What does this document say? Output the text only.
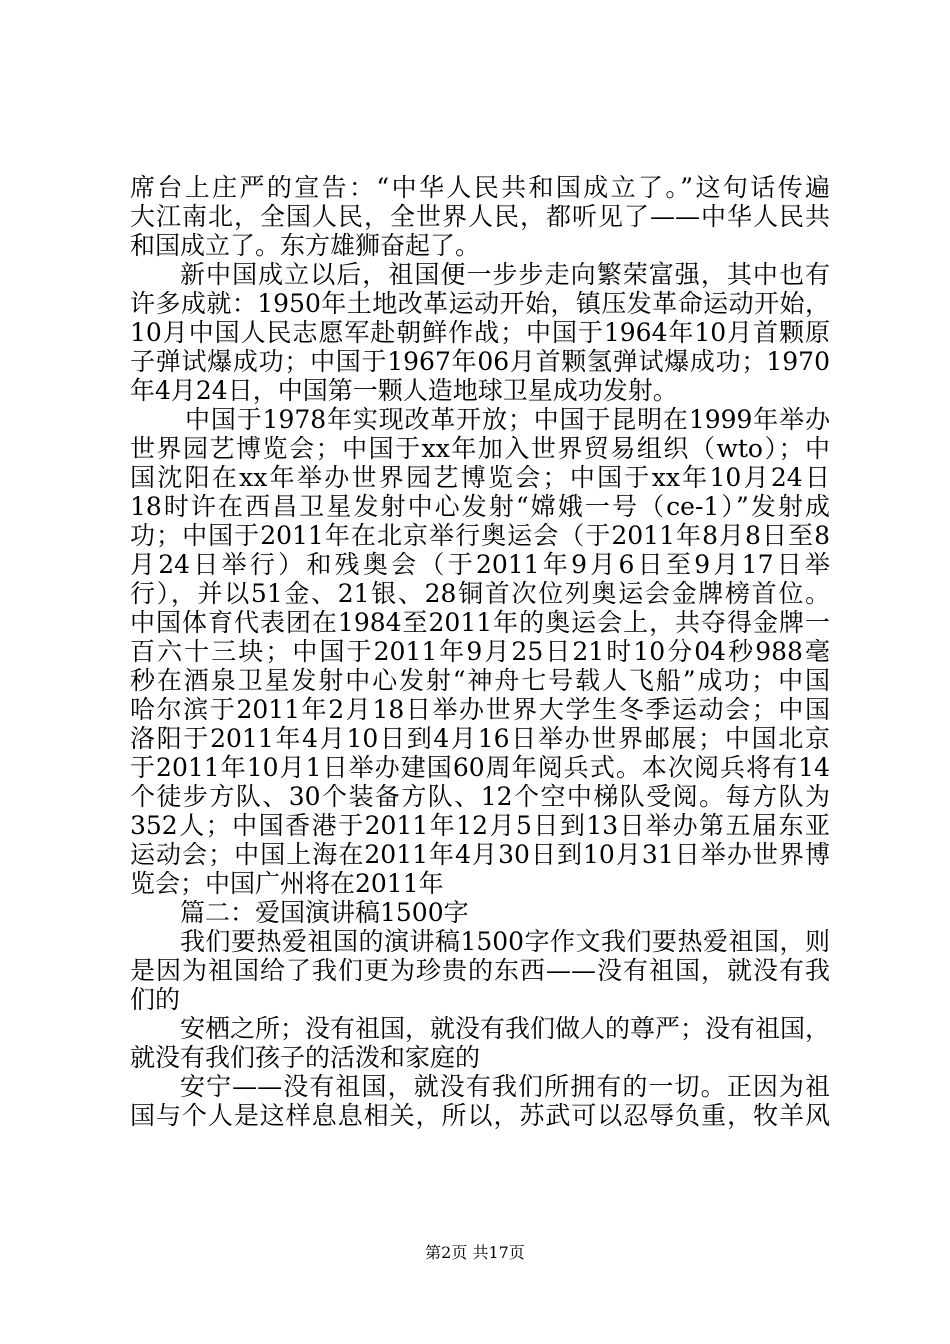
席台上庄严的宣告：“中华人民共和国成立了。”这句话传遍
大江南北，全国人民，全世界人民，都听见了——中华人民共
和国成立了。东方雄狮奋起了。
新中国成立以后，祖国便一步步走向繁荣富强，其中也有
许多成就：1950年土地改革运动开始，镇压发革命运动开始，
10月中国人民志愿军赴朝鲜作战；中国于1964年10月首颗原
子弹试爆成功；中国于1967年06月首颗氢弹试爆成功；1970
年4月24日，中国第一颗人造地球卫星成功发射。
中国于1978年实现改革开放；中国于昆明在1999年举办
世界园艺博览会；中国于xx年加入世界贸易组织（wto）；中
国沈阳在xx年举办世界园艺博览会；中国于xx年10月24日
18时许在西昌卫星发射中心发射“嫦娥一号（ce-1）”发射成
功；中国于2011年在北京举行奥运会（于2011年8月8日至8
月24日举行）和残奥会（于2011年9月6日至9月17日举
行），并以51金、21银、28铜首次位列奥运会金牌榜首位。
中国体育代表团在1984至2011年的奥运会上，共夺得金牌一
百六十三块；中国于2011年9月25日21时10分04秒988毫
秒在酒泉卫星发射中心发射“神舟七号载人飞船”成功；中国
哈尔滨于2011年2月18日举办世界大学生冬季运动会；中国
洛阳于2011年4月10日到4月16日举办世界邮展；中国北京
于2011年10月1日举办建国60周年阅兵式。本次阅兵将有14
个徒步方队、30个装备方队、12个空中梯队受阅。每方队为
352人；中国香港于2011年12月5日到13日举办第五届东亚
运动会；中国上海在2011年4月30日到10月31日举办世界博
览会；中国广州将在2011年
篇二：爱国演讲稿1500字
我们要热爱祖国的演讲稿1500字作文我们要热爱祖国，则
是因为祖国给了我们更为珍贵的东西——没有祖国，就没有我
们的
安栖之所；没有祖国，就没有我们做人的尊严；没有祖国，
就没有我们孩子的活泼和家庭的
安宁——没有祖国，就没有我们所拥有的一切。正因为祖
国与个人是这样息息相关，所以，苏武可以忍辱负重，牧羊风
第2页 共17页
